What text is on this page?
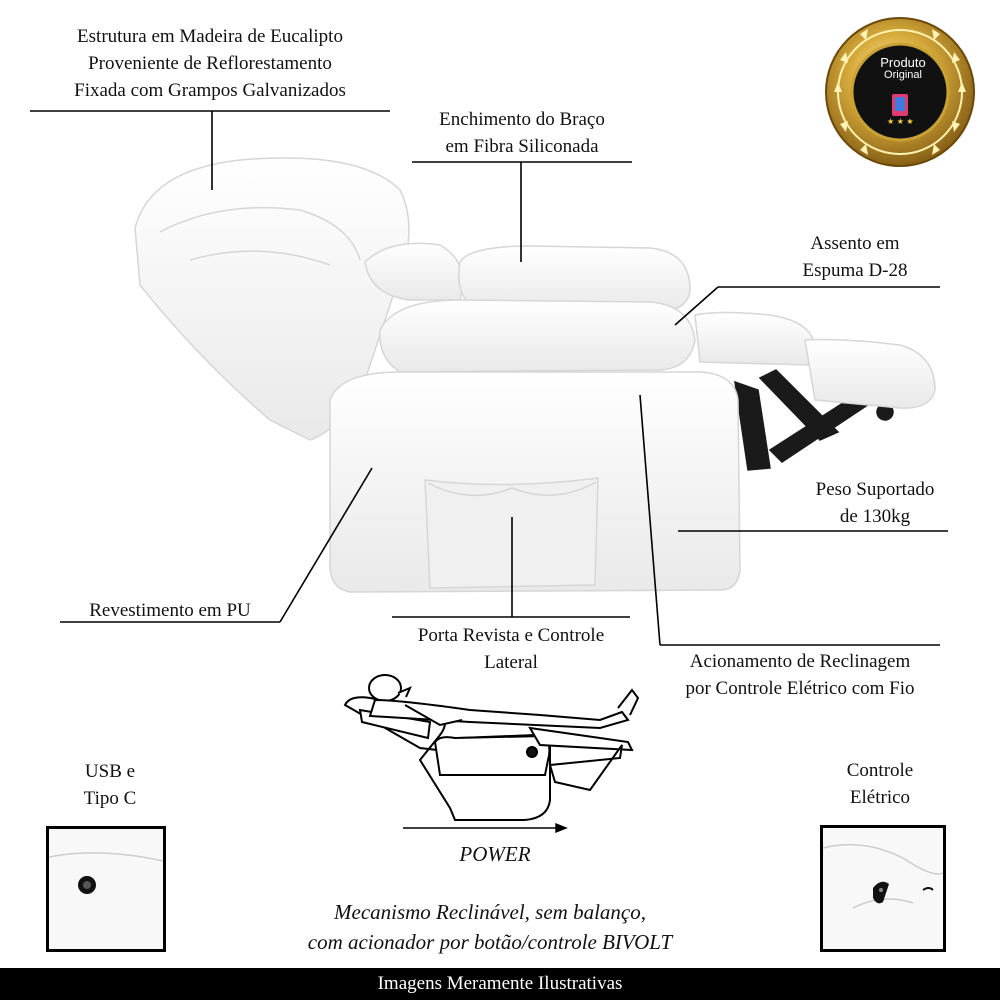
★ ★ ★
Produto
Original
Estrutura em Madeira de Eucalipto
Proveniente de Reflorestamento
Fixada com Grampos Galvanizados
Enchimento do Braço
em Fibra Siliconada
Assento em
Espuma D-28
Peso Suportado
de 130kg
Revestimento em PU
Porta Revista e Controle
Lateral	Acionamento de Reclinagem
por Controle Elétrico com Fio
USB e
Tipo C
Controle
Elétrico
POWER
Mecanismo Reclinável, sem balanço,
com acionador por botão/controle BIVOLT
Imagens Meramente Ilustrativas
